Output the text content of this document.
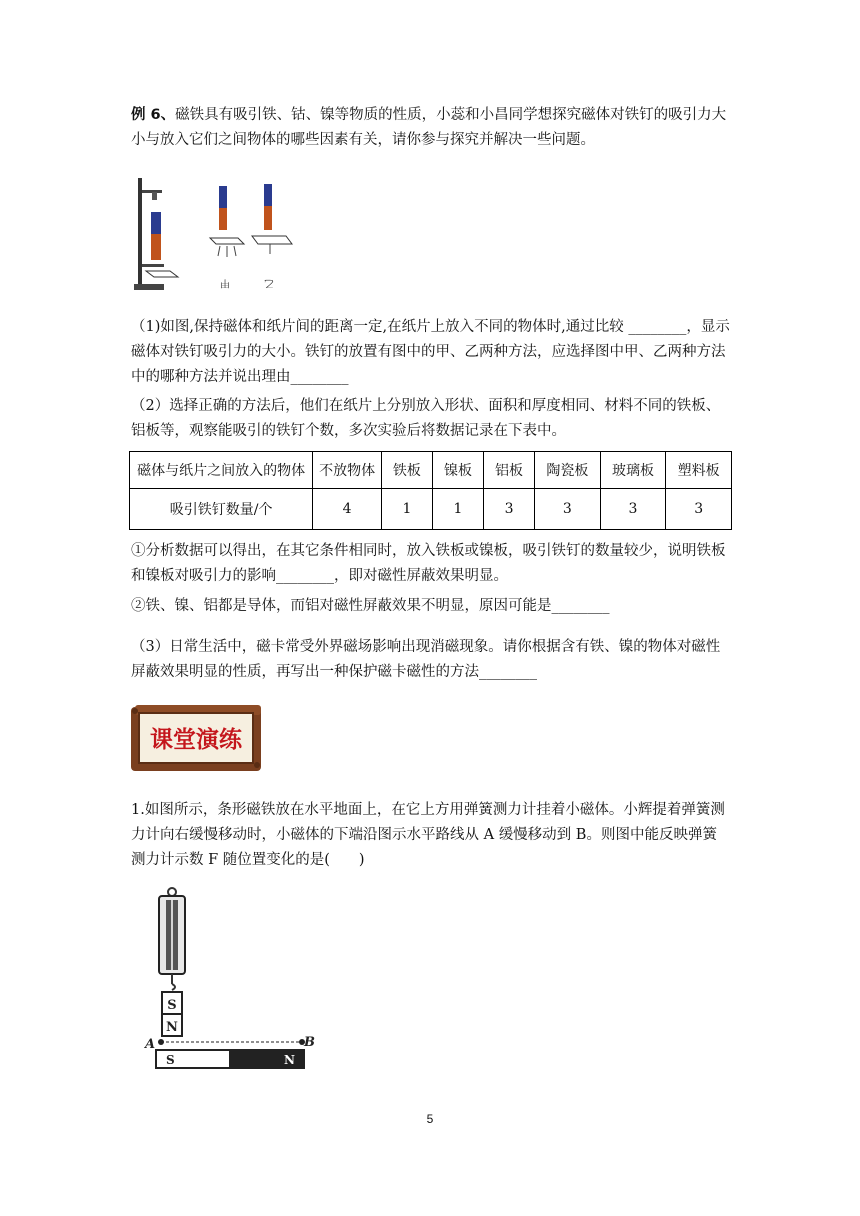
例 6、磁铁具有吸引铁、钴、镍等物质的性质，小蕊和小昌同学想探究磁体对铁钉的吸引力大小与放入它们之间物体的哪些因素有关，请你参与探究并解决一些问题。

甲	乙

（1)如图,保持磁体和纸片间的距离一定,在纸片上放入不同的物体时,通过比较 ________，显示磁体对铁钉吸引力的大小。铁钉的放置有图中的甲、乙两种方法，应选择图中甲、乙两种方法中的哪种方法并说出理由________

（2）选择正确的方法后，他们在纸片上分别放入形状、面积和厚度相同、材料不同的铁板、铝板等，观察能吸引的铁钉个数，多次实验后将数据记录在下表中。

磁体与纸片之间放入的物体	不放物体	铁板	镍板	铝板	陶瓷板	玻璃板	塑料板
吸引铁钉数量/个	4	1	1	3	3	3	3

①分析数据可以得出，在其它条件相同时，放入铁板或镍板，吸引铁钉的数量较少，说明铁板和镍板对吸引力的影响________，即对磁性屏蔽效果明显。

②铁、镍、铝都是导体，而铝对磁性屏蔽效果不明显，原因可能是________

（3）日常生活中，磁卡常受外界磁场影响出现消磁现象。请你根据含有铁、镍的物体对磁性屏蔽效果明显的性质，再写出一种保护磁卡磁性的方法________

课堂演练

1.如图所示，条形磁铁放在水平地面上，在它上方用弹簧测力计挂着小磁体。小辉提着弹簧测力计向右缓慢移动时，小磁体的下端沿图示水平路线从 A 缓慢移动到 B。则图中能反映弹簧测力计示数 F 随位置变化的是(　　)

S
N
A	B
S	N
5
